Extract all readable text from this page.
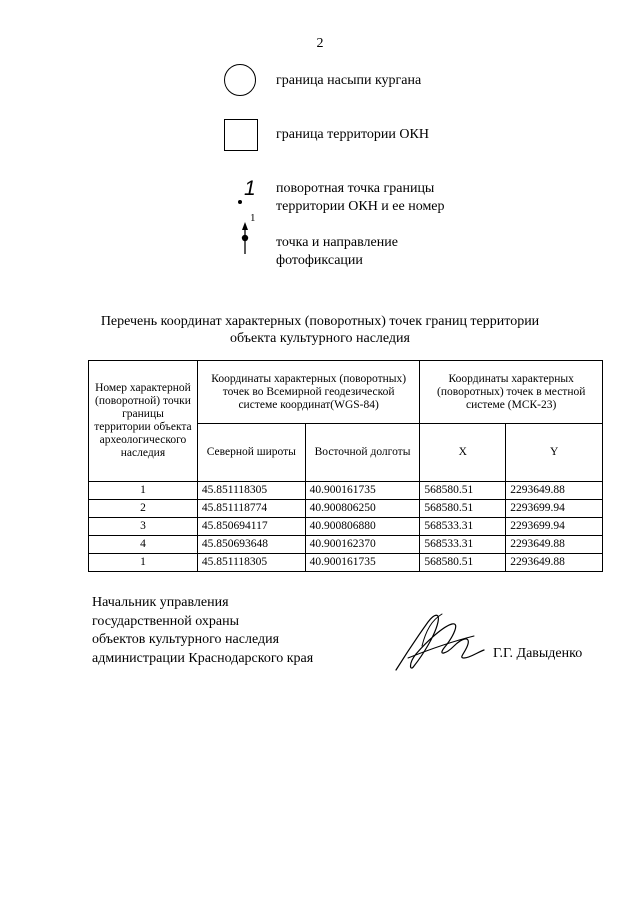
2
граница насыпи кургана
граница территории ОКН
1 поворотная точка границы
территории ОКН и ее номер
1
точка и направление
фотофиксации
Перечень координат характерных (поворотных) точек границ территории
объекта культурного наследия
Номер характерной (поворотной) точки границы территории объекта археологического наследия	Координаты характерных (поворотных) точек во Всемирной геодезической системе координат(WGS-84)		Координаты характерных (поворотных) точек в местной системе (МСК-23)	
	Северной широты	Восточной долготы	X	Y
1	45.851118305	40.900161735	568580.51	2293649.88
2	45.851118774	40.900806250	568580.51	2293699.94
3	45.850694117	40.900806880	568533.31	2293699.94
4	45.850693648	40.900162370	568533.31	2293649.88
1	45.851118305	40.900161735	568580.51	2293649.88
Начальник управления
государственной охраны
объектов культурного наследия
администрации Краснодарского края	Г.Г. Давыденко
